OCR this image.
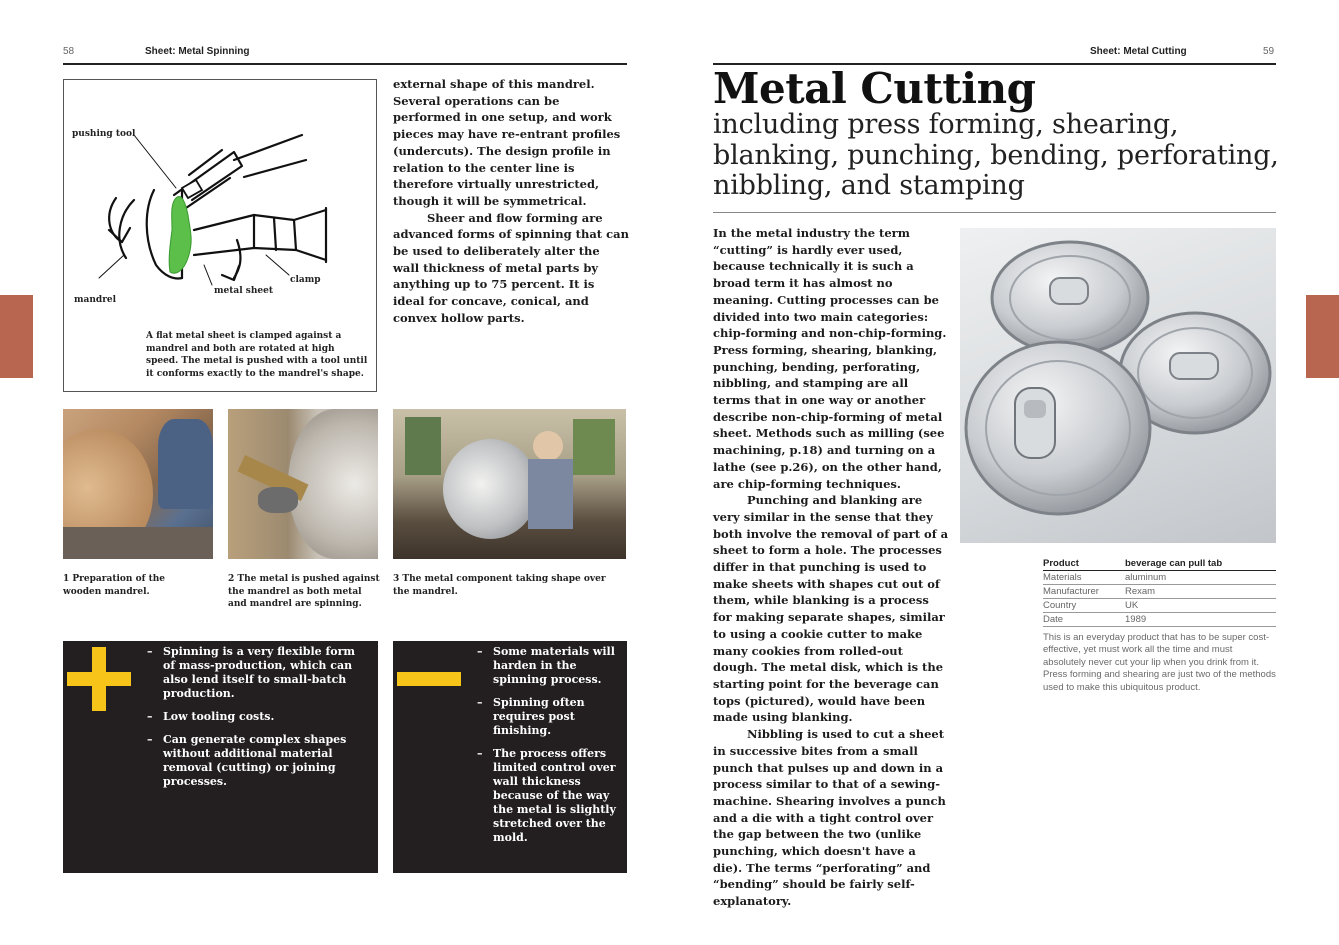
58	Sheet: Metal Spinning
pushing tool
clamp
metal sheet
mandrel
A flat metal sheet is clamped against a mandrel and both are rotated at high speed. The metal is pushed with a tool until it conforms exactly to the mandrel's shape.

external shape of this mandrel. Several operations can be performed in one setup, and work pieces may have re-entrant profiles (undercuts). The design profile in relation to the center line is therefore virtually unrestricted, though it will be symmetrical.

Sheer and flow forming are advanced forms of spinning that can be used to deliberately alter the wall thickness of metal parts by anything up to 75 percent. It is ideal for concave, conical, and convex hollow parts.

1 Preparation of the wooden mandrel.
2 The metal is pushed against the mandrel as both metal and mandrel are spinning.
3 The metal component taking shape over the mandrel.
– Spinning is a very flexible form of mass-production, which can also lend itself to small-batch production.
– Low tooling costs.
– Can generate complex shapes without additional material removal (cutting) or joining processes.
– Some materials will harden in the spinning process.
– Spinning often requires post finishing.
– The process offers limited control over wall thickness because of the way the metal is slightly stretched over the mold.
Sheet: Metal Cutting	59
Metal Cutting
including press forming, shearing, blanking, punching, bending, perforating, nibbling, and stamping

In the metal industry the term “cutting” is hardly ever used, because technically it is such a broad term it has almost no meaning. Cutting processes can be divided into two main categories: chip-forming and non-chip-forming. Press forming, shearing, blanking, punching, bending, perforating, nibbling, and stamping are all terms that in one way or another describe non-chip-forming of metal sheet. Methods such as milling (see machining, p.18) and turning on a lathe (see p.26), on the other hand, are chip-forming techniques.

Punching and blanking are very similar in the sense that they both involve the removal of part of a sheet to form a hole. The processes differ in that punching is used to make sheets with shapes cut out of them, while blanking is a process for making separate shapes, similar to using a cookie cutter to make many cookies from rolled-out dough. The metal disk, which is the starting point for the beverage can tops (pictured), would have been made using blanking.

Nibbling is used to cut a sheet in successive bites from a small punch that pulses up and down in a process similar to that of a sewing-machine. Shearing involves a punch and a die with a tight control over the gap between the two (unlike punching, which doesn't have a die). The terms “perforating” and “bending” should be fairly self-explanatory.

Product	beverage can pull tab
Materials	aluminum
Manufacturer	Rexam
Country	UK
Date	1989
This is an everyday product that has to be super cost-effective, yet must work all the time and must absolutely never cut your lip when you drink from it. Press forming and shearing are just two of the methods used to make this ubiquitous product.
